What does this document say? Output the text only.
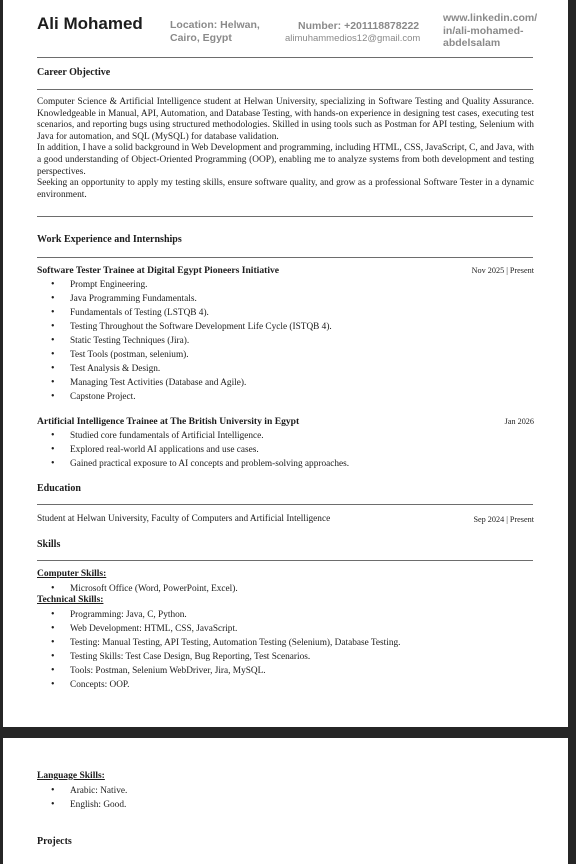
Ali Mohamed	Location: Helwan, Cairo, Egypt
Number: +201118878222
alimuhammedios12@gmail.com
www.linkedin.com/ in/ali-mohamed-abdelsalam
Career Objective

Computer Science & Artificial Intelligence student at Helwan University, specializing in Software Testing and Quality Assurance. Knowledgeable in Manual, API, Automation, and Database Testing, with hands-on experience in designing test cases, executing test scenarios, and reporting bugs using structured methodologies. Skilled in using tools such as Postman for API testing, Selenium with Java for automation, and SQL (MySQL) for database validation.

In addition, I have a solid background in Web Development and programming, including HTML, CSS, JavaScript, C, and Java, with a good understanding of Object-Oriented Programming (OOP), enabling me to analyze systems from both development and testing perspectives.

Seeking an opportunity to apply my testing skills, ensure software quality, and grow as a professional Software Tester in a dynamic environment.

Work Experience and Internships
Software Tester Trainee at Digital Egypt Pioneers Initiative	Nov 2025 | Present
• Prompt Engineering.
• Java Programming Fundamentals.
• Fundamentals of Testing (LSTQB 4).
• Testing Throughout the Software Development Life Cycle (ISTQB 4).
• Static Testing Techniques (Jira).
• Test Tools (postman, selenium).
• Test Analysis & Design.
• Managing Test Activities (Database and Agile).
• Capstone Project.
Artificial Intelligence Trainee at The British University in Egypt	Jan 2026
• Studied core fundamentals of Artificial Intelligence.
• Explored real-world AI applications and use cases.
• Gained practical exposure to AI concepts and problem-solving approaches.
Education
Student at Helwan University, Faculty of Computers and Artificial Intelligence	Sep 2024 | Present
Skills
Computer Skills:
• Microsoft Office (Word, PowerPoint, Excel).
Technical Skills:
• Programming: Java, C, Python.
• Web Development: HTML, CSS, JavaScript.
• Testing: Manual Testing, API Testing, Automation Testing (Selenium), Database Testing.
• Testing Skills: Test Case Design, Bug Reporting, Test Scenarios.
• Tools: Postman, Selenium WebDriver, Jira, MySQL.
• Concepts: OOP.
Language Skills:
• Arabic: Native.
• English: Good.
Projects
